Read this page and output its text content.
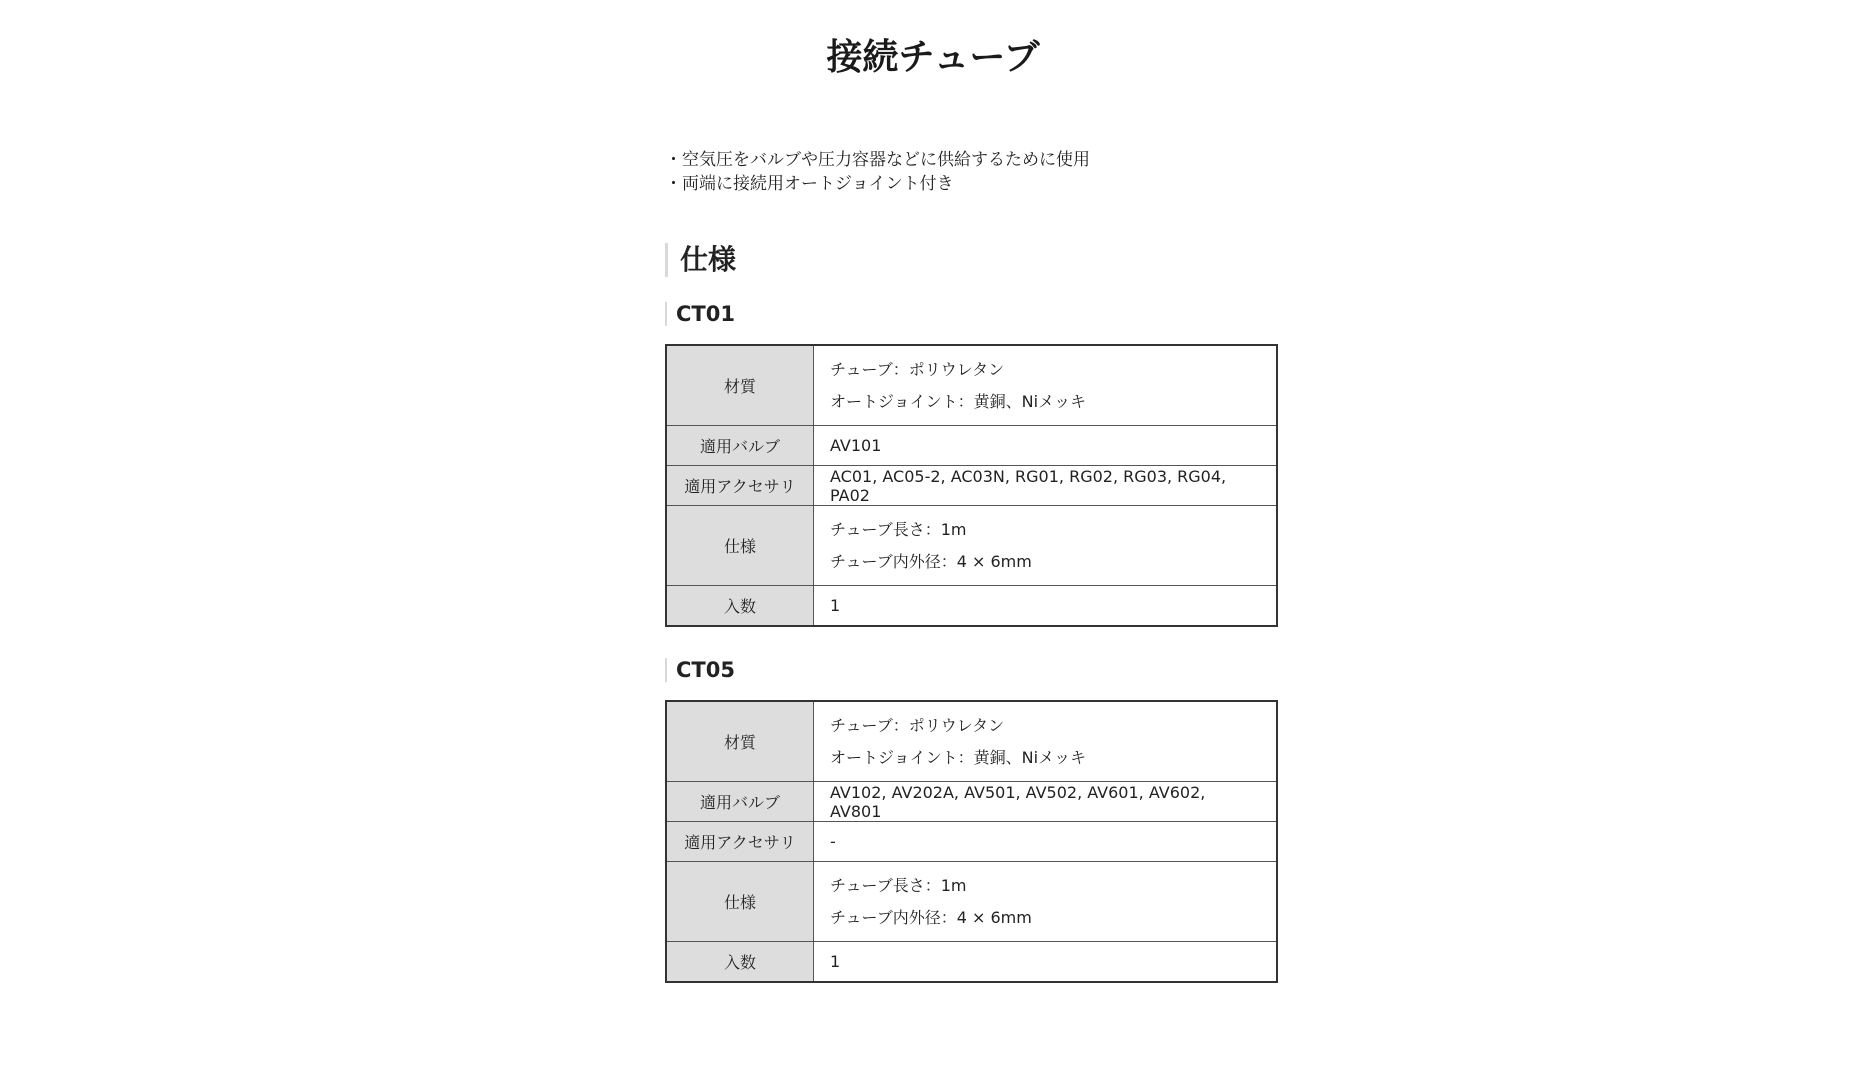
接続チューブ

・空気圧をバルブや圧力容器などに供給するために使用

・両端に接続用オートジョイント付き

仕様
CT01
材質	チューブ：ポリウレタン
オートジョイント：黄銅、Niメッキ

適用バルブ	AV101
適用アクセサリ	AC01, AC05-2, AC03N, RG01, RG02, RG03, RG04, PA02
仕様	チューブ長さ：1m
チューブ内外径：4 × 6mm

入数	1
CT05
材質	チューブ：ポリウレタン
オートジョイント：黄銅、Niメッキ

適用バルブ	AV102, AV202A, AV501, AV502, AV601, AV602, AV801
適用アクセサリ	-
仕様	チューブ長さ：1m
チューブ内外径：4 × 6mm

入数	1
